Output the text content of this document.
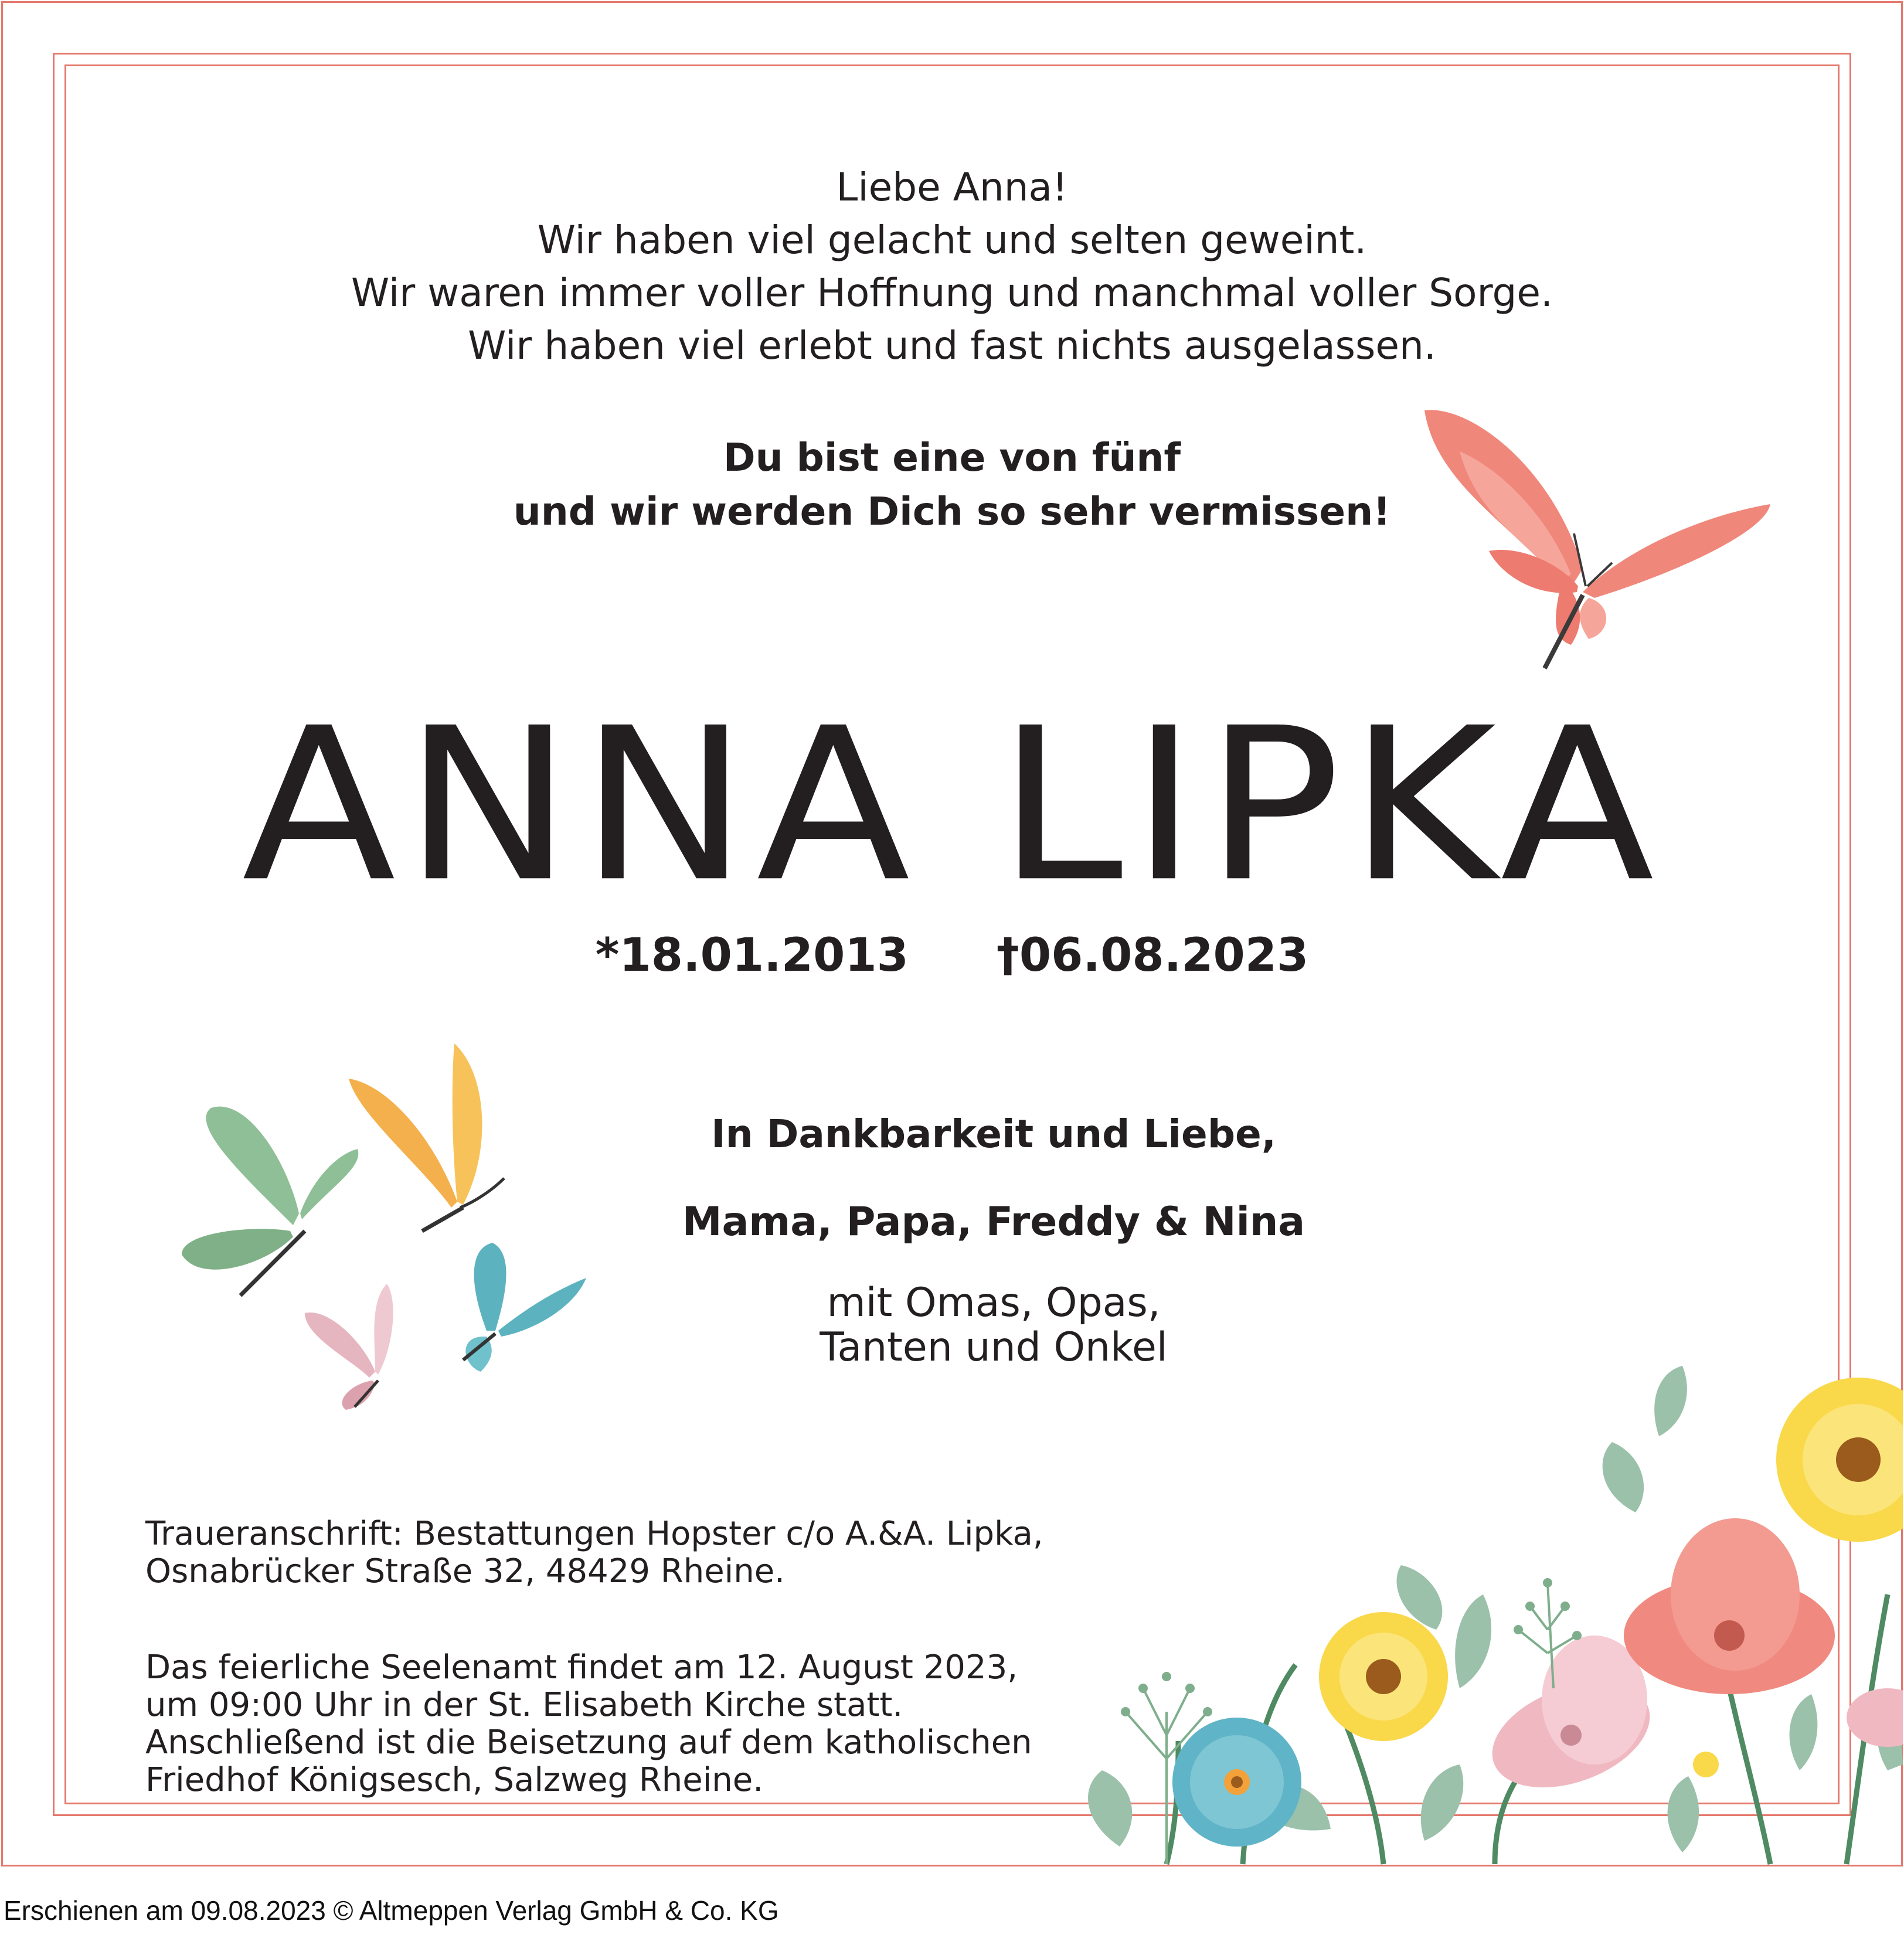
Liebe Anna!
Wir haben viel gelacht und selten geweint.
Wir waren immer voller Hoffnung und manchmal voller Sorge.
Wir haben viel erlebt und fast nichts ausgelassen.
Du bist eine von fünf
und wir werden Dich so sehr vermissen!
ANNA LIPKA
*18.01.2013 †06.08.2023
In Dankbarkeit und Liebe,
Mama, Papa, Freddy & Nina
mit Omas, Opas,
Tanten und Onkel

Traueranschrift: Bestattungen Hopster c/o A.&A. Lipka,
Osnabrücker Straße 32, 48429 Rheine.

Das feierliche Seelenamt findet am 12. August 2023,
um 09:00 Uhr in der St. Elisabeth Kirche statt.
Anschließend ist die Beisetzung auf dem katholischen
Friedhof Königsesch, Salzweg Rheine.

Erschienen am 09.08.2023 © Altmeppen Verlag GmbH & Co. KG
